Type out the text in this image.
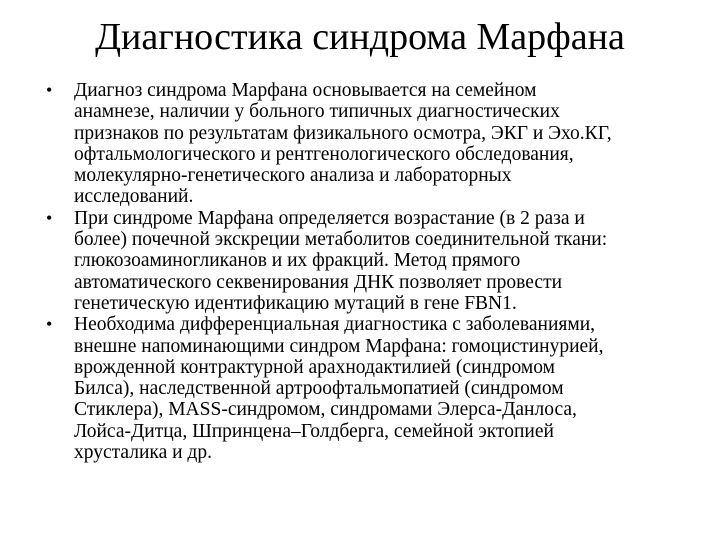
Диагностика синдрома Марфана
• Диагноз синдрома Марфана основывается на семейном
анамнезе, наличии у больного типичных диагностических
признаков по результатам физикального осмотра, ЭКГ и Эхо.КГ,
офтальмологического и рентгенологического обследования,
молекулярно-генетического анализа и лабораторных
исследований.
• При синдроме Марфана определяется возрастание (в 2 раза и
более) почечной экскреции метаболитов соединительной ткани:
глюкозоаминогликанов и их фракций. Метод прямого
автоматического секвенирования ДНК позволяет провести
генетическую идентификацию мутаций в гене FBN1.
• Необходима дифференциальная диагностика с заболеваниями,
внешне напоминающими синдром Марфана: гомоцистинурией,
врожденной контрактурной арахнодактилией (синдромом
Билса), наследственной артроофтальмопатией (синдромом
Стиклера), MASS-синдромом, синдромами Элерса-Данлоса,
Лойса-Дитца, Шпринцена–Голдберга, семейной эктопией
хрусталика и др.
